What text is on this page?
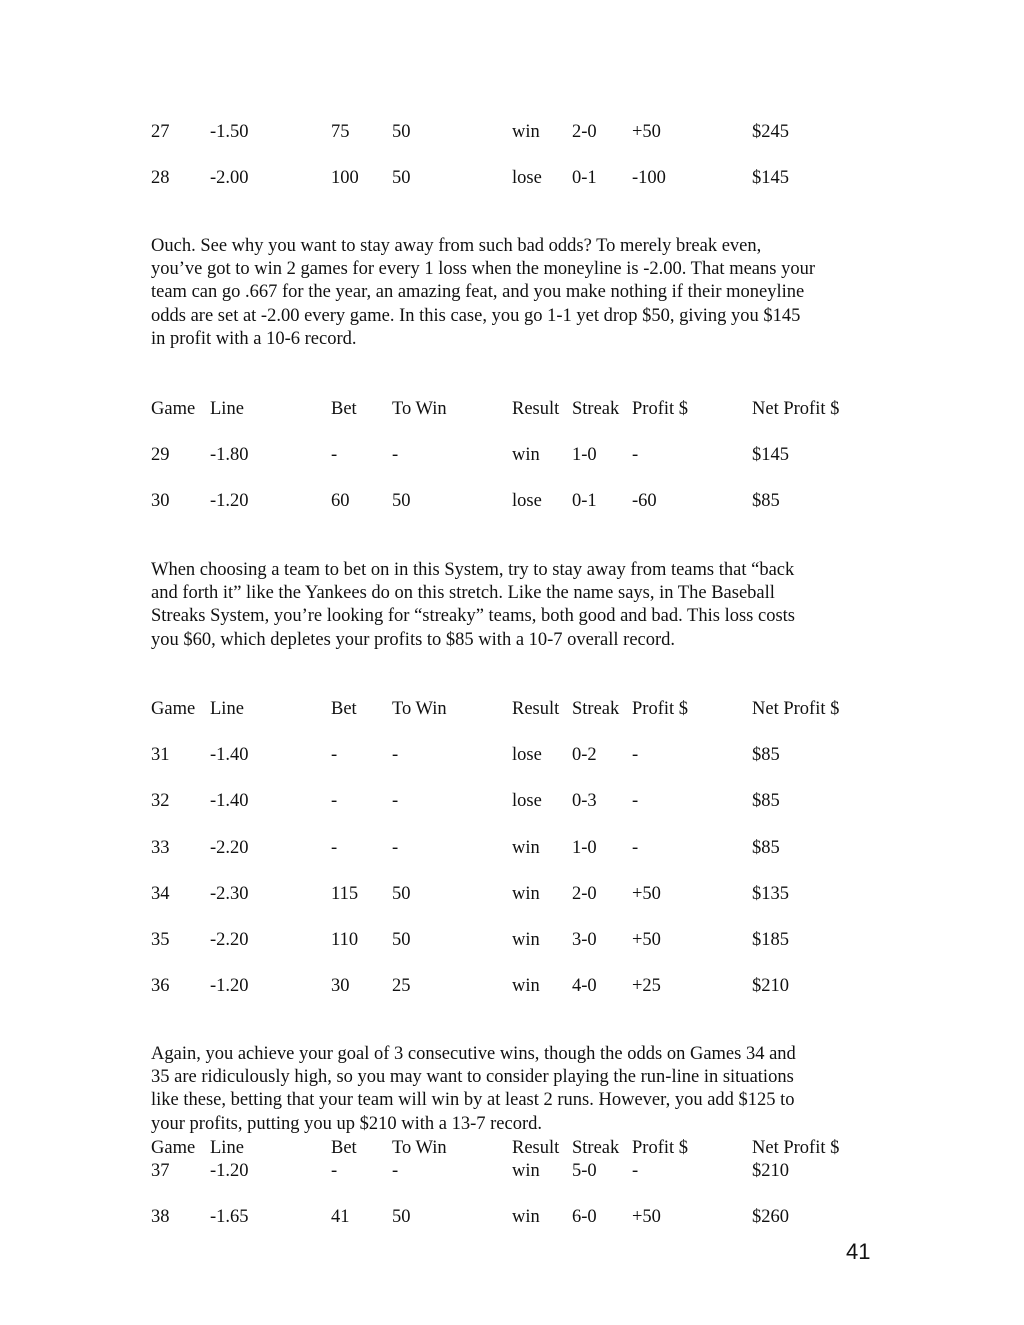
27 -1.50	75 50	win 2-0 +50	$245
28 -2.00	100 50	lose 0-1 -100	$145

Ouch. See why you want to stay away from such bad odds? To merely break even,
you’ve got to win 2 games for every 1 loss when the moneyline is -2.00. That means your
team can go .667 for the year, an amazing feat, and you make nothing if their moneyline
odds are set at -2.00 every game. In this case, you go 1-1 yet drop $50, giving you $145
in profit with a 10-6 record.

Game Line	Bet To Win	Result Streak Profit $	Net Profit $
29 -1.80	-	-	win 1-0 -	$145
30 -1.20	60 50	lose 0-1 -60	$85

When choosing a team to bet on in this System, try to stay away from teams that “back
and forth it” like the Yankees do on this stretch. Like the name says, in The Baseball
Streaks System, you’re looking for “streaky” teams, both good and bad. This loss costs
you $60, which depletes your profits to $85 with a 10-7 overall record.

Game Line	Bet To Win	Result Streak Profit $	Net Profit $
31 -1.40	-	-	lose 0-2 -	$85
32 -1.40	-	-	lose 0-3 -	$85
33 -2.20	-	-	win 1-0 -	$85
34 -2.30	115 50	win 2-0 +50	$135
35 -2.20	110 50	win 3-0 +50	$185
36 -1.20	30 25	win 4-0 +25	$210

Again, you achieve your goal of 3 consecutive wins, though the odds on Games 34 and
35 are ridiculously high, so you may want to consider playing the run-line in situations
like these, betting that your team will win by at least 2 runs. However, you add $125 to
your profits, putting you up $210 with a 13-7 record.

Game Line	Bet To Win	Result Streak Profit $	Net Profit $
37 -1.20	-	-	win 5-0 -	$210
38 -1.65	41 50	win 6-0 +50	$260
41
